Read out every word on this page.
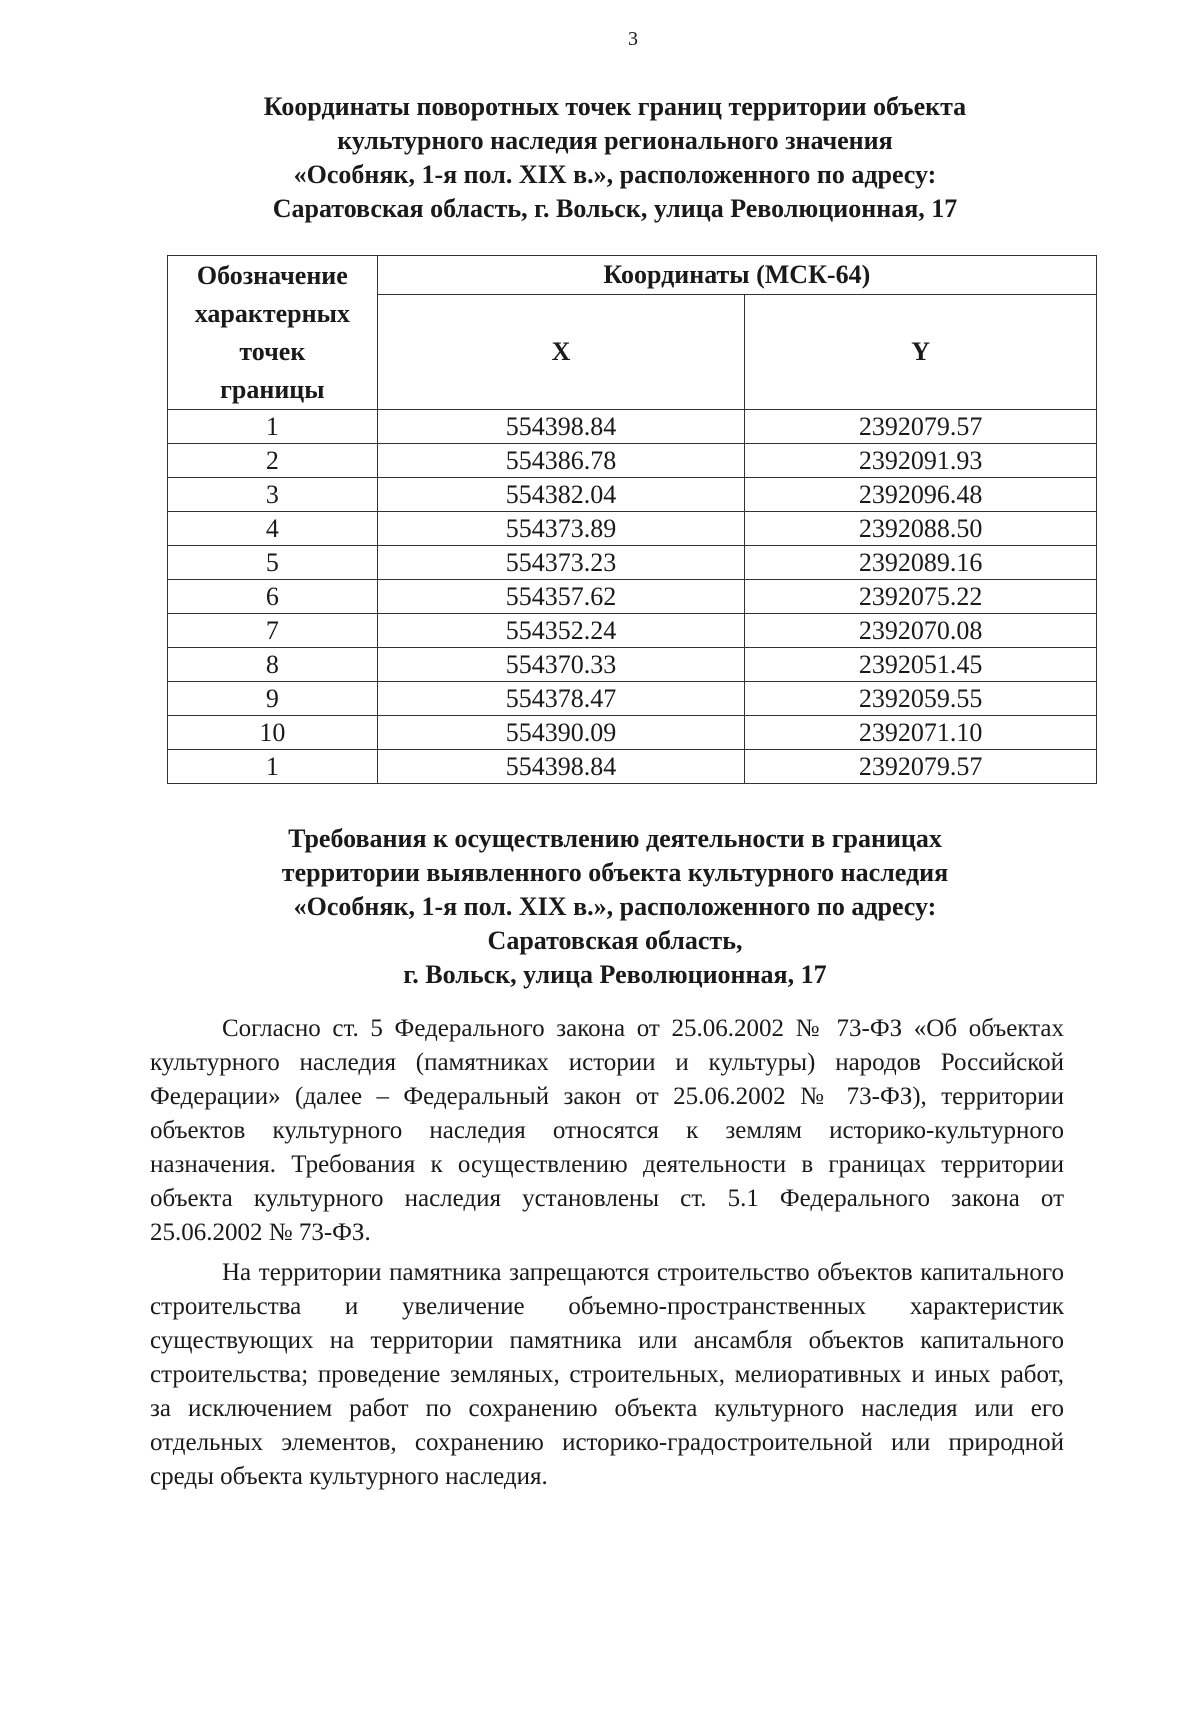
3
Координаты поворотных точек границ территории объекта
культурного наследия регионального значения
«Особняк, 1-я пол. XIX в.», расположенного по адресу:
Саратовская область, г. Вольск, улица Революционная, 17
Обозначение
характерных
точек
границы	Координаты (МСК-64)	
	X	Y
1	554398.84	2392079.57
2	554386.78	2392091.93
3	554382.04	2392096.48
4	554373.89	2392088.50
5	554373.23	2392089.16
6	554357.62	2392075.22
7	554352.24	2392070.08
8	554370.33	2392051.45
9	554378.47	2392059.55
10	554390.09	2392071.10
1	554398.84	2392079.57
Требования к осуществлению деятельности в границах
территории выявленного объекта культурного наследия
«Особняк, 1-я пол. XIX в.», расположенного по адресу:
Саратовская область,
г. Вольск, улица Революционная, 17

Согласно ст. 5 Федерального закона от 25.06.2002 № 73-ФЗ «Об объектах культурного наследия (памятниках истории и культуры) народов Российской Федерации» (далее – Федеральный закон от 25.06.2002 № 73-ФЗ), территории объектов культурного наследия относятся к землям историко-культурного назначения. Требования к осуществлению деятельности в границах территории объекта культурного наследия установлены ст. 5.1 Федерального закона от 25.06.2002 № 73-ФЗ.

На территории памятника запрещаются строительство объектов капитального строительства и увеличение объемно-пространственных характеристик существующих на территории памятника или ансамбля объектов капитального строительства; проведение земляных, строительных, мелиоративных и иных работ, за исключением работ по сохранению объекта культурного наследия или его отдельных элементов, сохранению историко-градостроительной или природной среды объекта культурного наследия.
